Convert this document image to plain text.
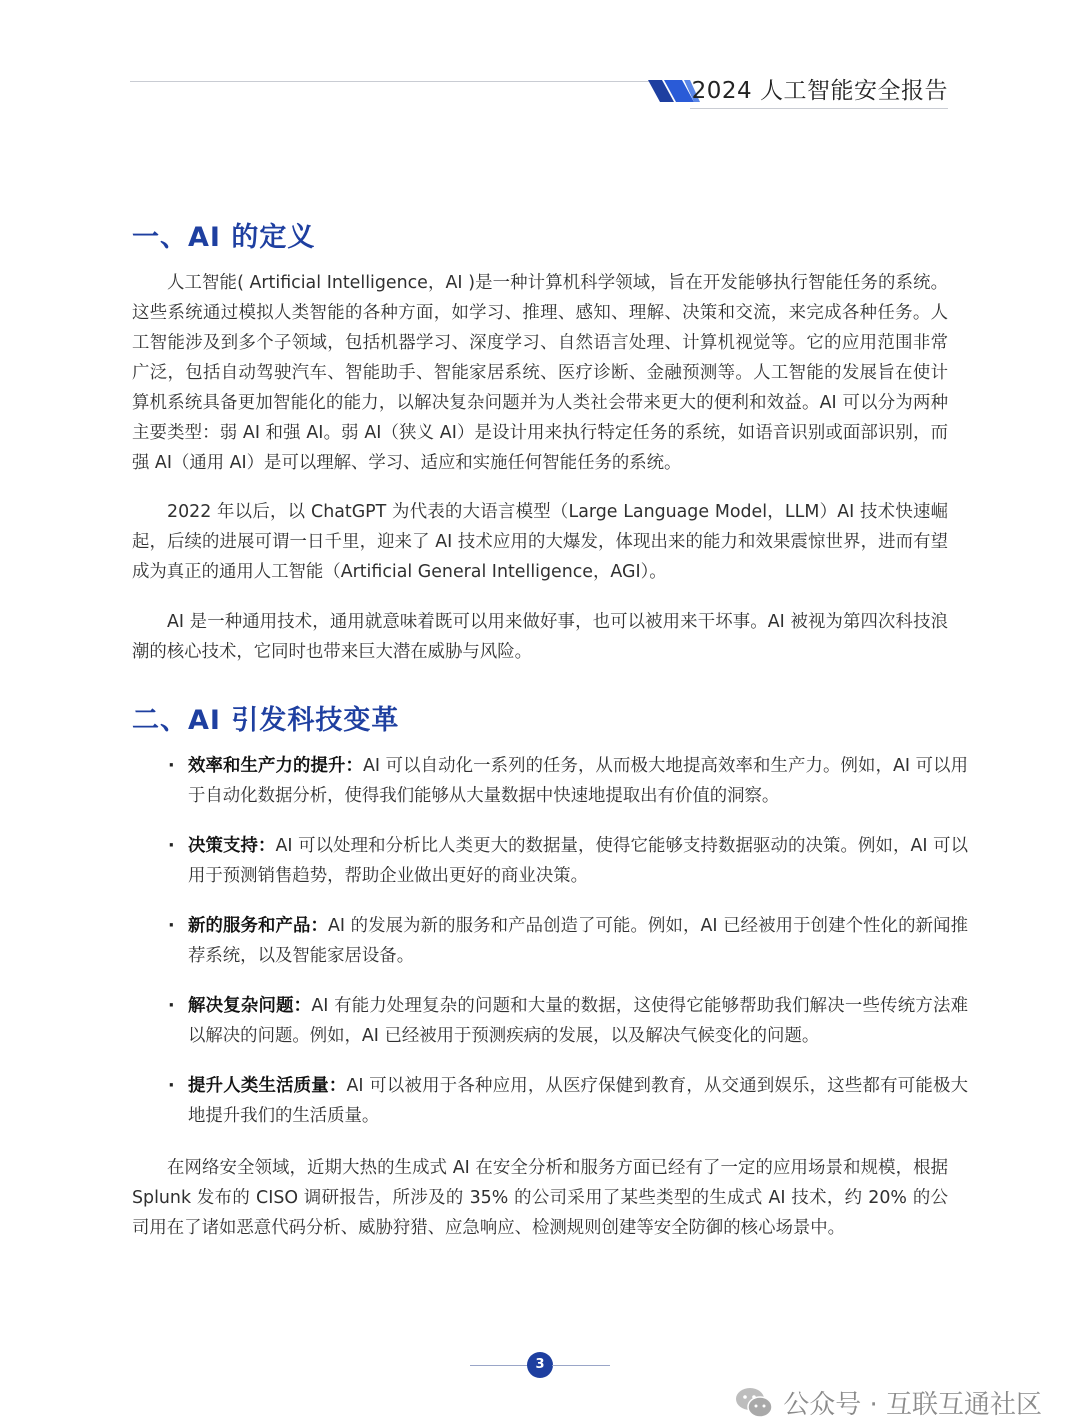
2024 人工智能安全报告
一、AI 的定义

人工智能( Artificial Intelligence，AI )是一种计算机科学领域，旨在开发能够执行智能任务的系统。这些系统通过模拟人类智能的各种方面，如学习、推理、感知、理解、决策和交流，来完成各种任务。人工智能涉及到多个子领域，包括机器学习、深度学习、自然语言处理、计算机视觉等。它的应用范围非常广泛，包括自动驾驶汽车、智能助手、智能家居系统、医疗诊断、金融预测等。人工智能的发展旨在使计算机系统具备更加智能化的能力，以解决复杂问题并为人类社会带来更大的便利和效益。AI 可以分为两种主要类型：弱 AI 和强 AI。弱 AI（狭义 AI）是设计用来执行特定任务的系统，如语音识别或面部识别，而强 AI（通用 AI）是可以理解、学习、适应和实施任何智能任务的系统。

2022 年以后，以 ChatGPT 为代表的大语言模型（Large Language Model，LLM）AI 技术快速崛起，后续的进展可谓一日千里，迎来了 AI 技术应用的大爆发，体现出来的能力和效果震惊世界，进而有望成为真正的通用人工智能（Artificial General Intelligence，AGI）。

AI 是一种通用技术，通用就意味着既可以用来做好事，也可以被用来干坏事。AI 被视为第四次科技浪潮的核心技术，它同时也带来巨大潜在威胁与风险。

二、AI 引发科技变革
· 效率和生产力的提升：AI 可以自动化一系列的任务，从而极大地提高效率和生产力。例如，AI 可以用于自动化数据分析，使得我们能够从大量数据中快速地提取出有价值的洞察。
· 决策支持：AI 可以处理和分析比人类更大的数据量，使得它能够支持数据驱动的决策。例如，AI 可以用于预测销售趋势，帮助企业做出更好的商业决策。
· 新的服务和产品：AI 的发展为新的服务和产品创造了可能。例如，AI 已经被用于创建个性化的新闻推荐系统，以及智能家居设备。
· 解决复杂问题：AI 有能力处理复杂的问题和大量的数据，这使得它能够帮助我们解决一些传统方法难以解决的问题。例如，AI 已经被用于预测疾病的发展，以及解决气候变化的问题。
· 提升人类生活质量：AI 可以被用于各种应用，从医疗保健到教育，从交通到娱乐，这些都有可能极大地提升我们的生活质量。

在网络安全领域，近期大热的生成式 AI 在安全分析和服务方面已经有了一定的应用场景和规模，根据 Splunk 发布的 CISO 调研报告，所涉及的 35% 的公司采用了某些类型的生成式 AI 技术，约 20% 的公司用在了诸如恶意代码分析、威胁狩猎、应急响应、检测规则创建等安全防御的核心场景中。

3
公众号 · 互联互通社区
